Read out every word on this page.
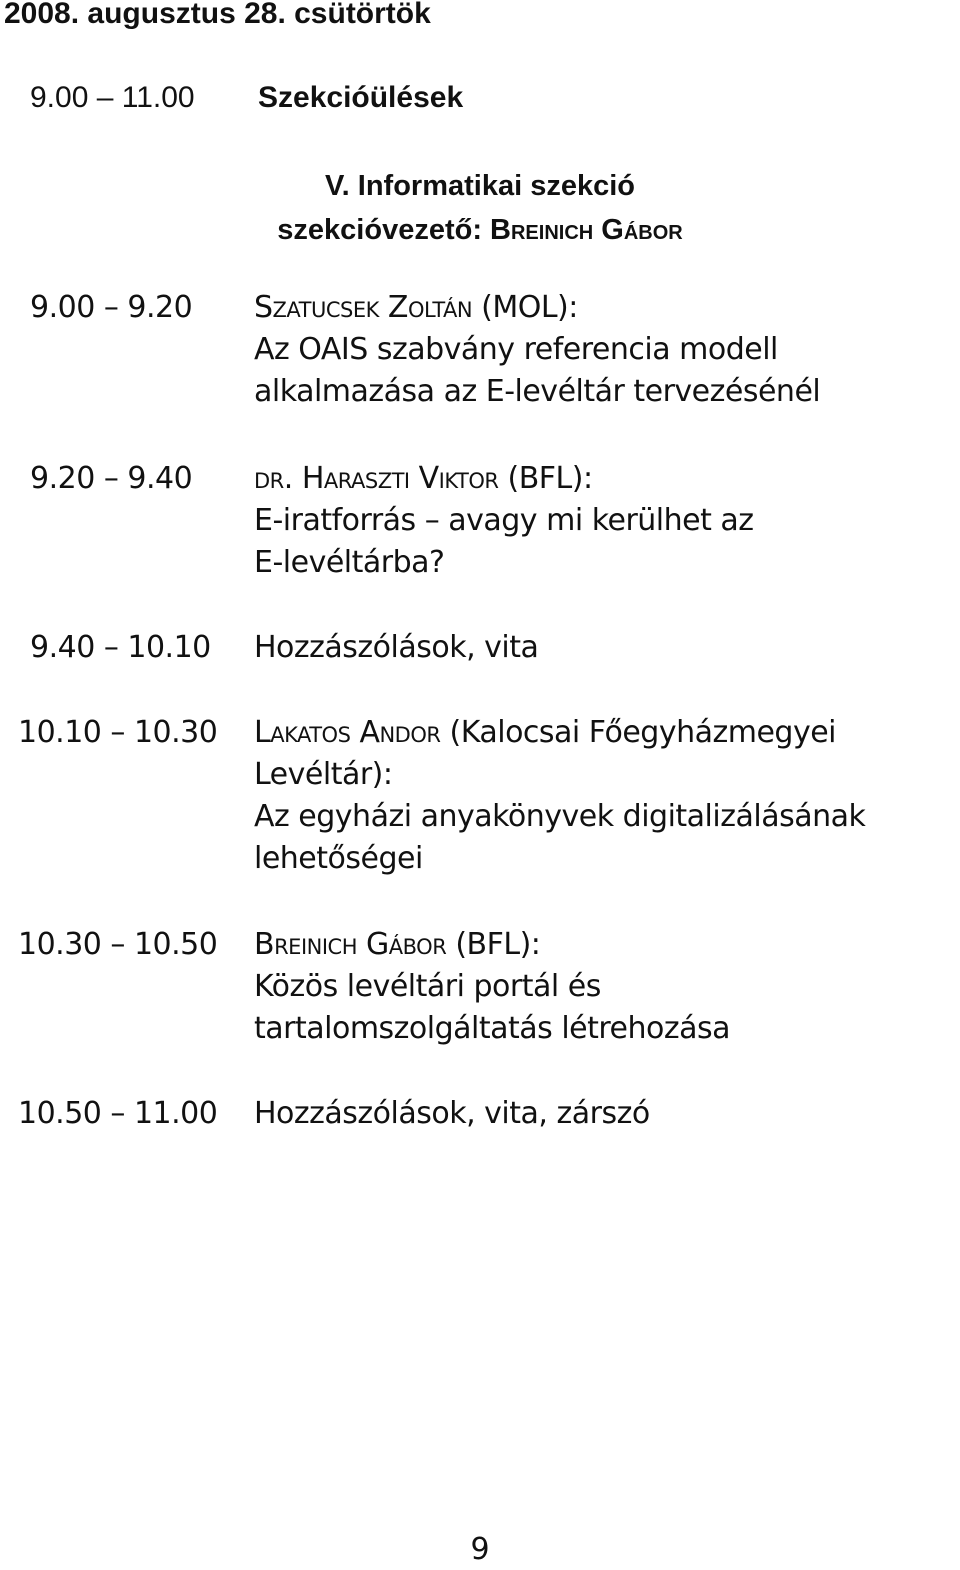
2008. augusztus 28. csütörtök
9.00 – 11.00 Szekcióülések
V. Informatikai szekció
szekcióvezető: Breinich Gábor
9.00 – 9.20 Szatucsek Zoltán (MOL):
Az OAIS szabvány referencia modell
alkalmazása az E-levéltár tervezésénél
9.20 – 9.40 dr. Haraszti Viktor (BFL):
E-iratforrás – avagy mi kerülhet az
E-levéltárba?
9.40 – 10.10 Hozzászólások, vita
10.10 – 10.30 Lakatos Andor (Kalocsai Főegyházmegyei
Levéltár):
Az egyházi anyakönyvek digitalizálásának
lehetőségei
10.30 – 10.50 Breinich Gábor (BFL):
Közös levéltári portál és
tartalomszolgáltatás létrehozása
10.50 – 11.00 Hozzászólások, vita, zárszó
9
